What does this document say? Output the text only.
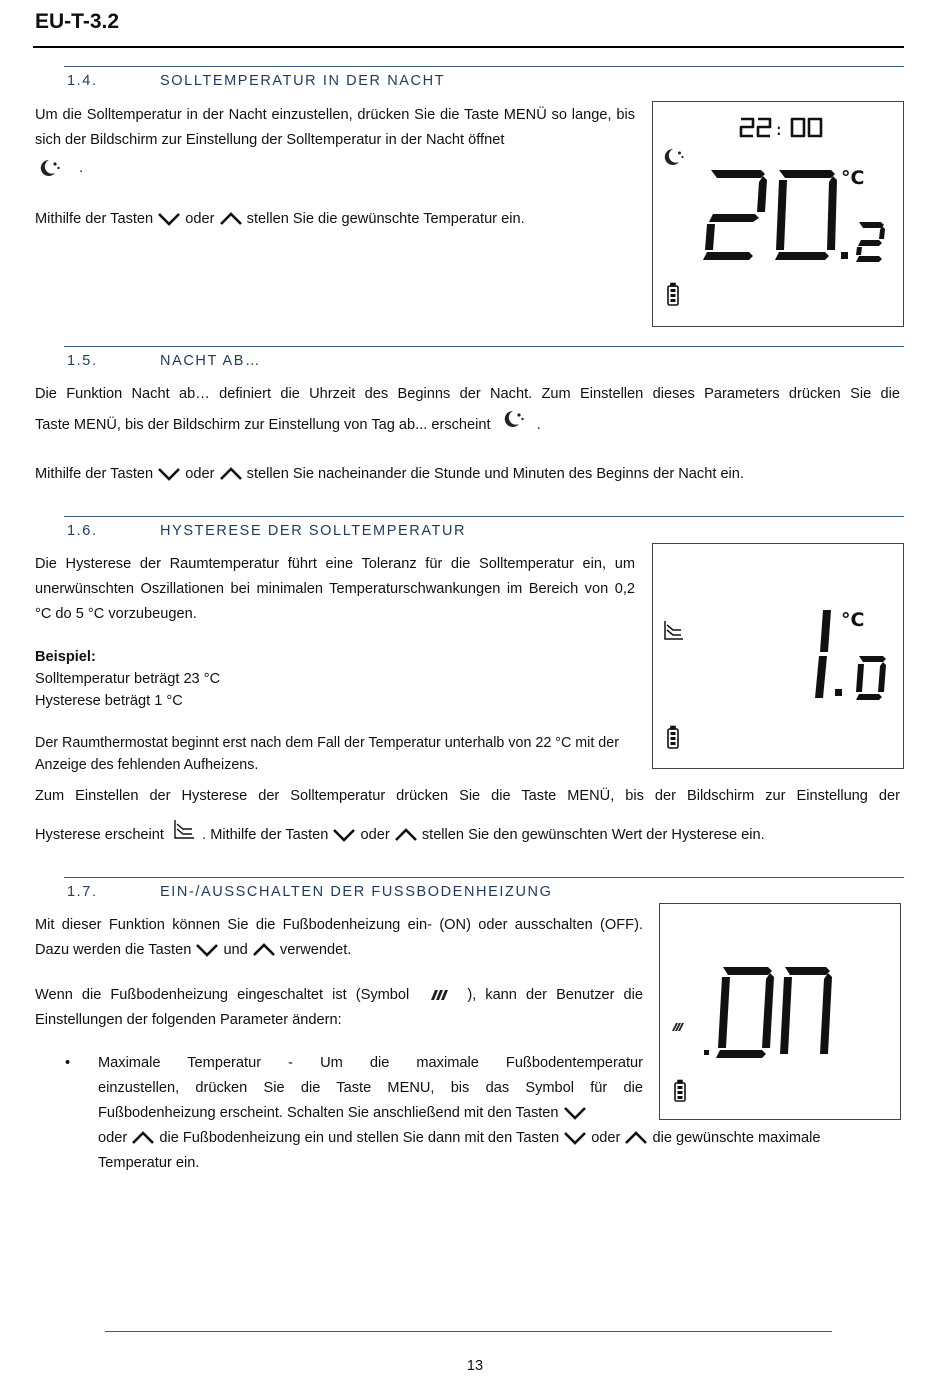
EU-T-3.2
1.4.	SOLLTEMPERATUR IN DER NACHT
Um die Solltemperatur in der Nacht einzustellen, drücken Sie die Taste MENÜ so lange, bis sich der Bildschirm zur Einstellung der Solltemperatur in der Nacht öffnet
.
Mithilfe der Tasten oder stellen Sie die gewünschte Temperatur ein.
:
°C
1.5.	NACHT AB…
Die Funktion Nacht ab… definiert die Uhrzeit des Beginns der Nacht. Zum Einstellen dieses Parameters drücken Sie die
Taste MENÜ, bis der Bildschirm zur Einstellung von Tag ab... erscheint	.
Mithilfe der Tasten oder stellen Sie nacheinander die Stunde und Minuten des Beginns der Nacht ein.
1.6.	HYSTERESE DER SOLLTEMPERATUR
Die Hysterese der Raumtemperatur führt eine Toleranz für die Solltemperatur ein, um unerwünschten Oszillationen bei minimalen Temperaturschwankungen im Bereich von 0,2 °C do 5 °C vorzubeugen.
Beispiel:
Solltemperatur beträgt 23 °C
Hysterese beträgt 1 °C
Der Raumthermostat beginnt erst nach dem Fall der Temperatur unterhalb von 22 °C mit der Anzeige des fehlenden Aufheizens.
°C
Zum Einstellen der Hysterese der Solltemperatur drücken Sie die Taste MENÜ, bis der Bildschirm zur Einstellung der
Hysterese erscheint	. Mithilfe der Tasten oder stellen Sie den gewünschten Wert der Hysterese ein.
1.7.	EIN-/AUSSCHALTEN DER FUSSBODENHEIZUNG
Mit dieser Funktion können Sie die Fußbodenheizung ein- (ON) oder ausschalten (OFF). Dazu werden die Tasten und verwendet.
Wenn die Fußbodenheizung eingeschaltet ist (Symbol	), kann der Benutzer die Einstellungen der folgenden Parameter ändern:
• Maximale Temperatur - Um die maximale Fußbodentemperatur
einzustellen, drücken Sie die Taste MENU, bis das Symbol für die
Fußbodenheizung erscheint. Schalten Sie anschließend mit den Tasten
oder die Fußbodenheizung ein und stellen Sie dann mit den Tasten oder die gewünschte maximale
Temperatur ein.
13
